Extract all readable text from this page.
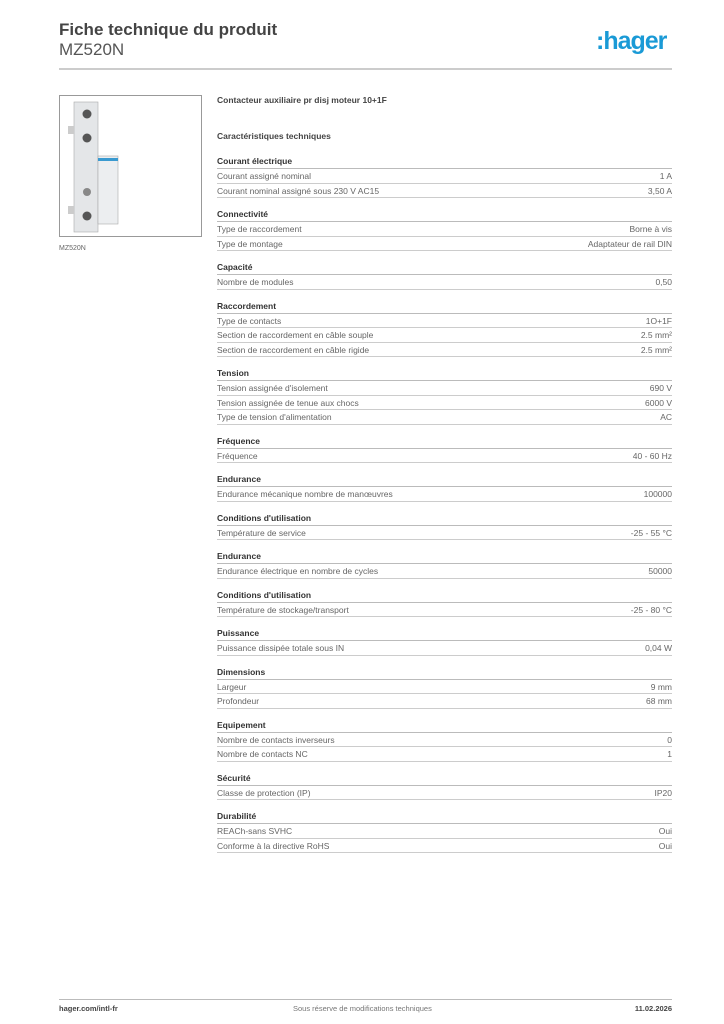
Fiche technique du produit
MZ520N	:hager
MZ520N
Contacteur auxiliaire pr disj moteur 10+1F
Caractéristiques techniques
Courant électrique
Courant assigné nominal	1 A
Courant nominal assigné sous 230 V AC15	3,50 A
Connectivité
Type de raccordement	Borne à vis
Type de montage	Adaptateur de rail DIN
Capacité
Nombre de modules	0,50
Raccordement
Type de contacts	1O+1F
Section de raccordement en câble souple	2.5 mm²
Section de raccordement en câble rigide	2.5 mm²
Tension
Tension assignée d'isolement	690 V
Tension assignée de tenue aux chocs	6000 V
Type de tension d'alimentation	AC
Fréquence
Fréquence	40 - 60 Hz
Endurance
Endurance mécanique nombre de manœuvres	100000
Conditions d'utilisation
Température de service	-25 - 55 °C
Endurance
Endurance électrique en nombre de cycles	50000
Conditions d'utilisation
Température de stockage/transport	-25 - 80 °C
Puissance
Puissance dissipée totale sous IN	0,04 W
Dimensions
Largeur	9 mm
Profondeur	68 mm
Equipement
Nombre de contacts inverseurs	0
Nombre de contacts NC	1
Sécurité
Classe de protection (IP)	IP20
Durabilité
REACh-sans SVHC	Oui
Conforme à la directive RoHS	Oui
hager.com/intl-fr	Sous réserve de modifications techniques	11.02.2026
